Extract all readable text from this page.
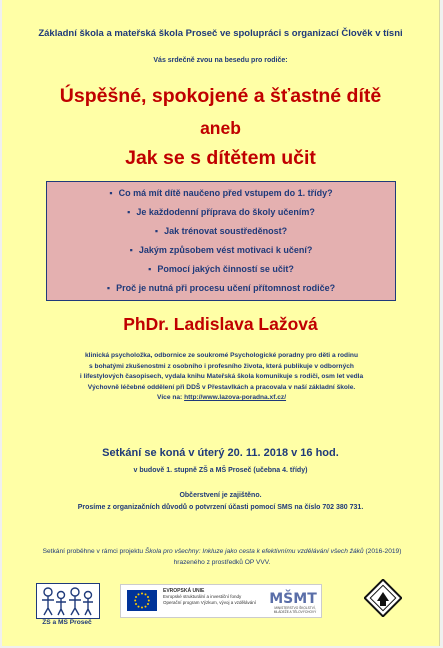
Základní škola a mateřská škola Proseč ve spolupráci s organizací Člověk v tísni
Vás srdečně zvou na besedu pro rodiče:
Úspěšné, spokojené a šťastné dítě
aneb
Jak se s dítětem učit
▪ Co má mít dítě naučeno před vstupem do 1. třídy?
▪ Je každodenní příprava do školy učením?
▪ Jak trénovat soustředěnost?
▪ Jakým způsobem vést motivaci k učení?
▪ Pomocí jakých činností se učit?
▪ Proč je nutná při procesu učení přítomnost rodiče?
PhDr. Ladislava Lažová
klinická psycholožka, odbornice ze soukromé Psychologické poradny pro děti a rodinu
s bohatými zkušenostmi z osobního i profesního života, která publikuje v odborných
i lifestylových časopisech, vydala knihu Mateřská škola komunikuje s rodiči, osm let vedla
Výchovně léčebné oddělení při DDŠ v Přestavlkách a pracovala v naší základní škole.
Více na: http://www.lazova-poradna.xf.cz/
Setkání se koná v úterý 20. 11. 2018 v 16 hod.
v budově 1. stupně ZŠ a MŠ Proseč (učebna 4. třídy)
Občerstvení je zajištěno.
Prosíme z organizačních důvodů o potvrzení účasti pomocí SMS na číslo 702 380 731.
Setkání proběhne v rámci projektu Škola pro všechny: Inkluze jako cesta k efektivnímu vzdělávání všech žáků (2016-2019) hrazeného z prostředků OP VVV.
ZŠ a MŠ Proseč
EVROPSKÁ UNIE
Evropské strukturální a investiční fondy
Operační program Výzkum, vývoj a vzdělávání MŠMT
MINISTERSTVO ŠKOLSTVÍ, MLÁDEŽE A TĚLOVÝCHOVY
